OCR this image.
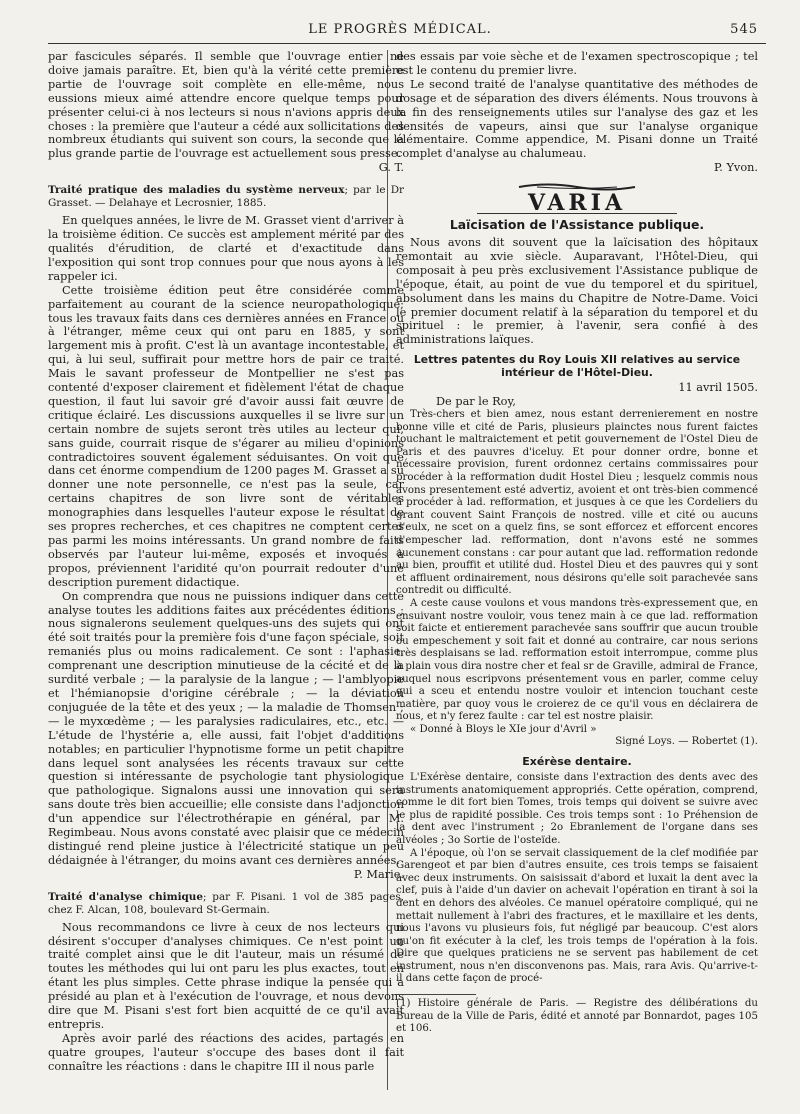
LE PROGRÈS MÉDICAL.	545

par fascicules séparés. Il semble que l'ouvrage entier ne doive jamais paraître. Et, bien qu'à la vérité cette première partie de l'ouvrage soit complète en elle-même, nous eussions mieux aimé attendre encore quelque temps pour présenter celui-ci à nos lecteurs si nous n'avions appris deux choses : la première que l'auteur a cédé aux sollicitations des nombreux étudiants qui suivent son cours, la seconde que la plus grande partie de l'ouvrage est actuellement sous presse.

G. T.

Traité pratique des maladies du système nerveux; par le Dr Grasset. — Delahaye et Lecrosnier, 1885.

En quelques années, le livre de M. Grasset vient d'arriver à la troisième édition. Ce succès est amplement mérité par des qualités d'érudition, de clarté et d'exactitude dans l'exposition qui sont trop connues pour que nous ayons à les rappeler ici.

Cette troisième édition peut être considérée comme parfaitement au courant de la science neuropathologique; tous les travaux faits dans ces dernières années en France ou à l'étranger, même ceux qui ont paru en 1885, y sont largement mis à profit. C'est là un avantage incontestable, et qui, à lui seul, suffirait pour mettre hors de pair ce traité. Mais le savant professeur de Montpellier ne s'est pas contenté d'exposer clairement et fidèlement l'état de chaque question, il faut lui savoir gré d'avoir aussi fait œuvre de critique éclairé. Les discussions auxquelles il se livre sur un certain nombre de sujets seront très utiles au lecteur qui, sans guide, courrait risque de s'égarer au milieu d'opinions contradictoires souvent également séduisantes. On voit que dans cet énorme compendium de 1200 pages M. Grasset a su donner une note personnelle, ce n'est pas la seule, car certains chapitres de son livre sont de véritables monographies dans lesquelles l'auteur expose le résultat de ses propres recherches, et ces chapitres ne comptent certes pas parmi les moins intéressants. Un grand nombre de faits observés par l'auteur lui-même, exposés et invoqués à propos, préviennent l'aridité qu'on pourrait redouter d'une description purement didactique.

On comprendra que nous ne puissions indiquer dans cette analyse toutes les additions faites aux précédentes éditions ; nous signalerons seulement quelques-uns des sujets qui ont été soit traités pour la première fois d'une façon spéciale, soit remaniés plus ou moins radicalement. Ce sont : l'aphasie, comprenant une description minutieuse de la cécité et de la surdité verbale ; — la paralysie de la langue ; — l'amblyopie et l'hémianopsie d'origine cérébrale ; — la déviation conjuguée de la tête et des yeux ; — la maladie de Thomsen ; — le myxœdème ; — les paralysies radiculaires, etc., etc. — L'étude de l'hystérie a, elle aussi, fait l'objet d'additions notables; en particulier l'hypnotisme forme un petit chapitre dans lequel sont analysées les récents travaux sur cette question si intéressante de psychologie tant physiologique que pathologique. Signalons aussi une innovation qui sera sans doute très bien accueillie; elle consiste dans l'adjonction d'un appendice sur l'électrothérapie en général, par M. Regimbeau. Nous avons constaté avec plaisir que ce médecin distingué rend pleine justice à l'électricité statique un peu dédaignée à l'étranger, du moins avant ces dernières années.

P. Marie.

Traité d'analyse chimique; par F. Pisani. 1 vol de 385 pages, chez F. Alcan, 108, boulevard St-Germain.

Nous recommandons ce livre à ceux de nos lecteurs qui désirent s'occuper d'analyses chimiques. Ce n'est point un traité complet ainsi que le dit l'auteur, mais un résumé de toutes les méthodes qui lui ont paru les plus exactes, tout en étant les plus simples. Cette phrase indique la pensée qui a présidé au plan et à l'exécution de l'ouvrage, et nous devons dire que M. Pisani s'est fort bien acquitté de ce qu'il avait entrepris.

Après avoir parlé des réactions des acides, partagés en quatre groupes, l'auteur s'occupe des bases dont il fait connaître les réactions : dans le chapitre III il nous parle

des essais par voie sèche et de l'examen spectroscopique ; tel est le contenu du premier livre.

Le second traité de l'analyse quantitative des méthodes de dosage et de séparation des divers éléments. Nous trouvons à la fin des renseignements utiles sur l'analyse des gaz et les densités de vapeurs, ainsi que sur l'analyse organique élémentaire. Comme appendice, M. Pisani donne un Traité complet d'analyse au chalumeau.

P. Yvon.

VARIA

Laïcisation de l'Assistance publique.

Nous avons dit souvent que la laïcisation des hôpitaux remontait au xvie siècle. Auparavant, l'Hôtel-Dieu, qui composait à peu près exclusivement l'Assistance publique de l'époque, était, au point de vue du temporel et du spirituel, absolument dans les mains du Chapitre de Notre-Dame. Voici le premier document relatif à la séparation du temporel et du spirituel : le premier, à l'avenir, sera confié à des administrations laïques.

Lettres patentes du Roy Louis XII relatives au service intérieur de l'Hôtel-Dieu.

11 avril 1505.

De par le Roy,

Très-chers et bien amez, nous estant derrenierement en nostre bonne ville et cité de Paris, plusieurs plainctes nous furent faictes touchant le maltraictement et petit gouvernement de l'Ostel Dieu de Paris et des pauvres d'iceluy. Et pour donner ordre, bonne et nécessaire provision, furent ordonnez certains commissaires pour procéder à la refformation dudit Hostel Dieu ; lesquelz commis nous avons presentement esté advertiz, avoient et ont très-bien commencé à procéder à lad. refformation, et jusques à ce que les Cordeliers du grant couvent Saint François de nostred. ville et cité ou aucuns d'eulx, ne scet on a quelz fins, se sont efforcez et efforcent encores d'empescher lad. refformation, dont n'avons esté ne sommes aucunement constans : car pour autant que lad. refformation redonde au bien, prouffit et utilité dud. Hostel Dieu et des pauvres qui y sont et affluent ordinairement, nous désirons qu'elle soit parachevée sans contredit ou difficulté.

A ceste cause voulons et vous mandons très-expressement que, en ensuivant nostre vouloir, vous tenez main à ce que lad. refformation soit faicte et entierement parachevée sans souffrir que aucun trouble ou empeschement y soit fait et donné au contraire, car nous serions très desplaisans se lad. refformation estoit interrompue, comme plus à plain vous dira nostre cher et feal sr de Graville, admiral de France, auquel nous escripvons présentement vous en parler, comme celuy qui a sceu et entendu nostre vouloir et intencion touchant ceste matière, par quoy vous le croierez de ce qu'il vous en déclairera de nous, et n'y ferez faulte : car tel est nostre plaisir.

« Donné à Bloys le XIe jour d'Avril »

Signé Loys. — Robertet (1).

Exérèse dentaire.

L'Exérèse dentaire, consiste dans l'extraction des dents avec des instruments anatomiquement appropriés. Cette opération, comprend, comme le dit fort bien Tomes, trois temps qui doivent se suivre avec le plus de rapidité possible. Ces trois temps sont : 1o Préhension de la dent avec l'instrument ; 2o Ebranlement de l'organe dans ses alvéoles ; 3o Sortie de l'osteïde.

A l'époque, où l'on se servait classiquement de la clef modifiée par Garengeot et par bien d'autres ensuite, ces trois temps se faisaient avec deux instruments. On saisissait d'abord et luxait la dent avec la clef, puis à l'aide d'un davier on achevait l'opération en tirant à soi la dent en dehors des alvéoles. Ce manuel opératoire compliqué, qui ne mettait nullement à l'abri des fractures, et le maxillaire et les dents, nous l'avons vu plusieurs fois, fut négligé par beaucoup. C'est alors qu'on fit exécuter à la clef, les trois temps de l'opération à la fois. Dire que quelques praticiens ne se servent pas habilement de cet instrument, nous n'en disconvenons pas. Mais, rara Avis. Qu'arrive-t-il dans cette façon de procé-

(1) Histoire générale de Paris. — Registre des délibérations du Bureau de la Ville de Paris, édité et annoté par Bonnardot, pages 105 et 106.
